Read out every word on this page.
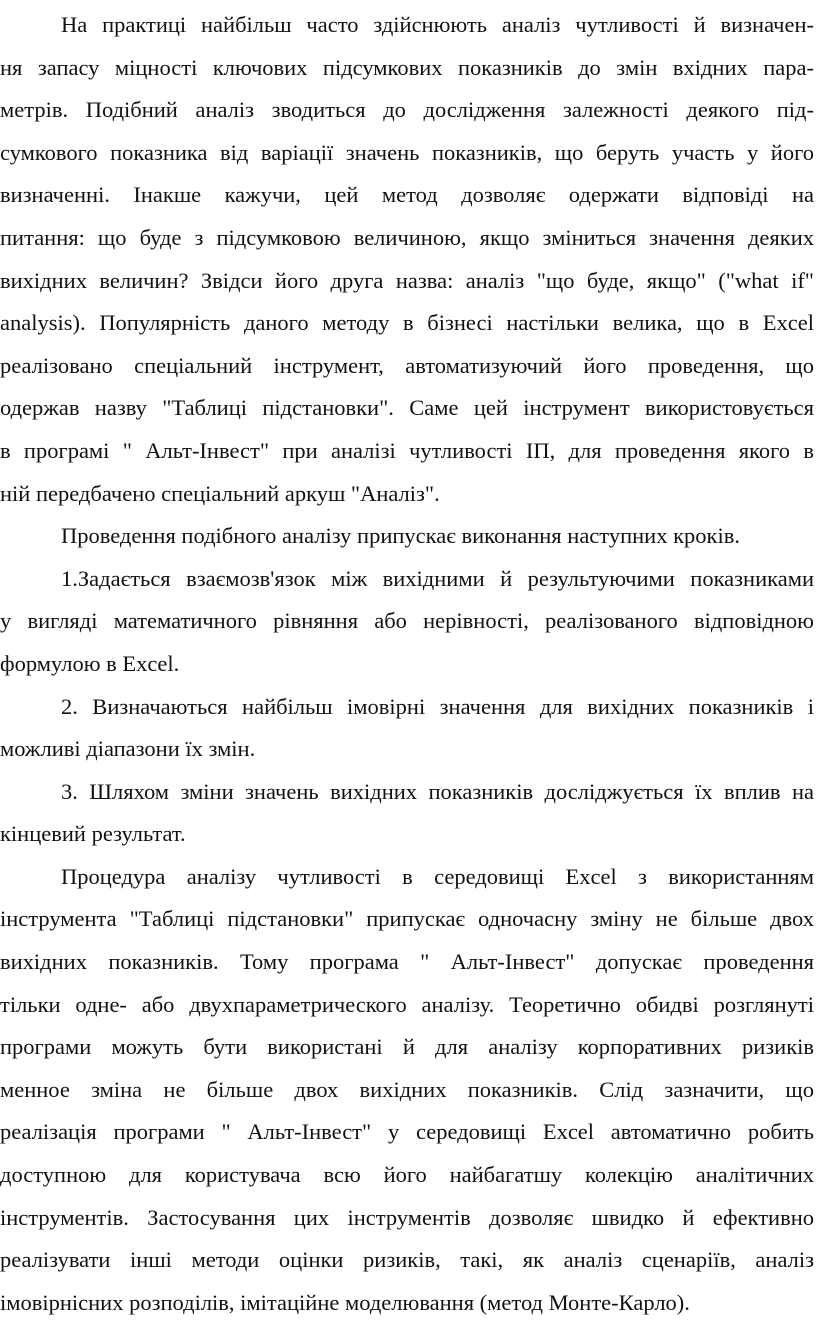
На практиці найбільш часто здійснюють аналіз чутливості й визначен-
ня запасу міцності ключових підсумкових показників до змін вхідних пара-
метрів. Подібний аналіз зводиться до дослідження залежності деякого під-
сумкового показника від варіації значень показників, що беруть участь у його
визначенні. Інакше кажучи, цей метод дозволяє одержати відповіді на
питання: що буде з підсумковою величиною, якщо зміниться значення деяких
вихідних величин? Звідси його друга назва: аналіз "що буде, якщо" ("what if"
analysis). Популярність даного методу в бізнесі настільки велика, що в Excel
реалізовано спеціальний інструмент, автоматизуючий його проведення, що
одержав назву "Таблиці підстановки". Саме цей інструмент використовується
в програмі " Альт-Інвест" при аналізі чутливості ІП, для проведення якого в
ній передбачено спеціальний аркуш "Аналіз".
Проведення подібного аналізу припускає виконання наступних кроків.
1.Задається взаємозв'язок між вихідними й результуючими показниками
у вигляді математичного рівняння або нерівності, реалізованого відповідною
формулою в Excel.
2. Визначаються найбільш імовірні значення для вихідних показників і
можливі діапазони їх змін.
3. Шляхом зміни значень вихідних показників досліджується їх вплив на
кінцевий результат.
Процедура аналізу чутливості в середовищі Excel з використанням
інструмента "Таблиці підстановки" припускає одночасну зміну не більше двох
вихідних показників. Тому програма " Альт-Інвест" допускає проведення
тільки одне- або двухпараметрического аналізу. Теоретично обидві розглянуті
програми можуть бути використані й для аналізу корпоративних ризиків
менное зміна не більше двох вихідних показників. Слід зазначити, що
реалізація програми " Альт-Інвест" у середовищі Excel автоматично робить
доступною для користувача всю його найбагатшу колекцію аналітичних
інструментів. Застосування цих інструментів дозволяє швидко й ефективно
реалізувати інші методи оцінки ризиків, такі, як аналіз сценаріїв, аналіз
імовірнісних розподілів, імітаційне моделювання (метод Монте-Карло).
